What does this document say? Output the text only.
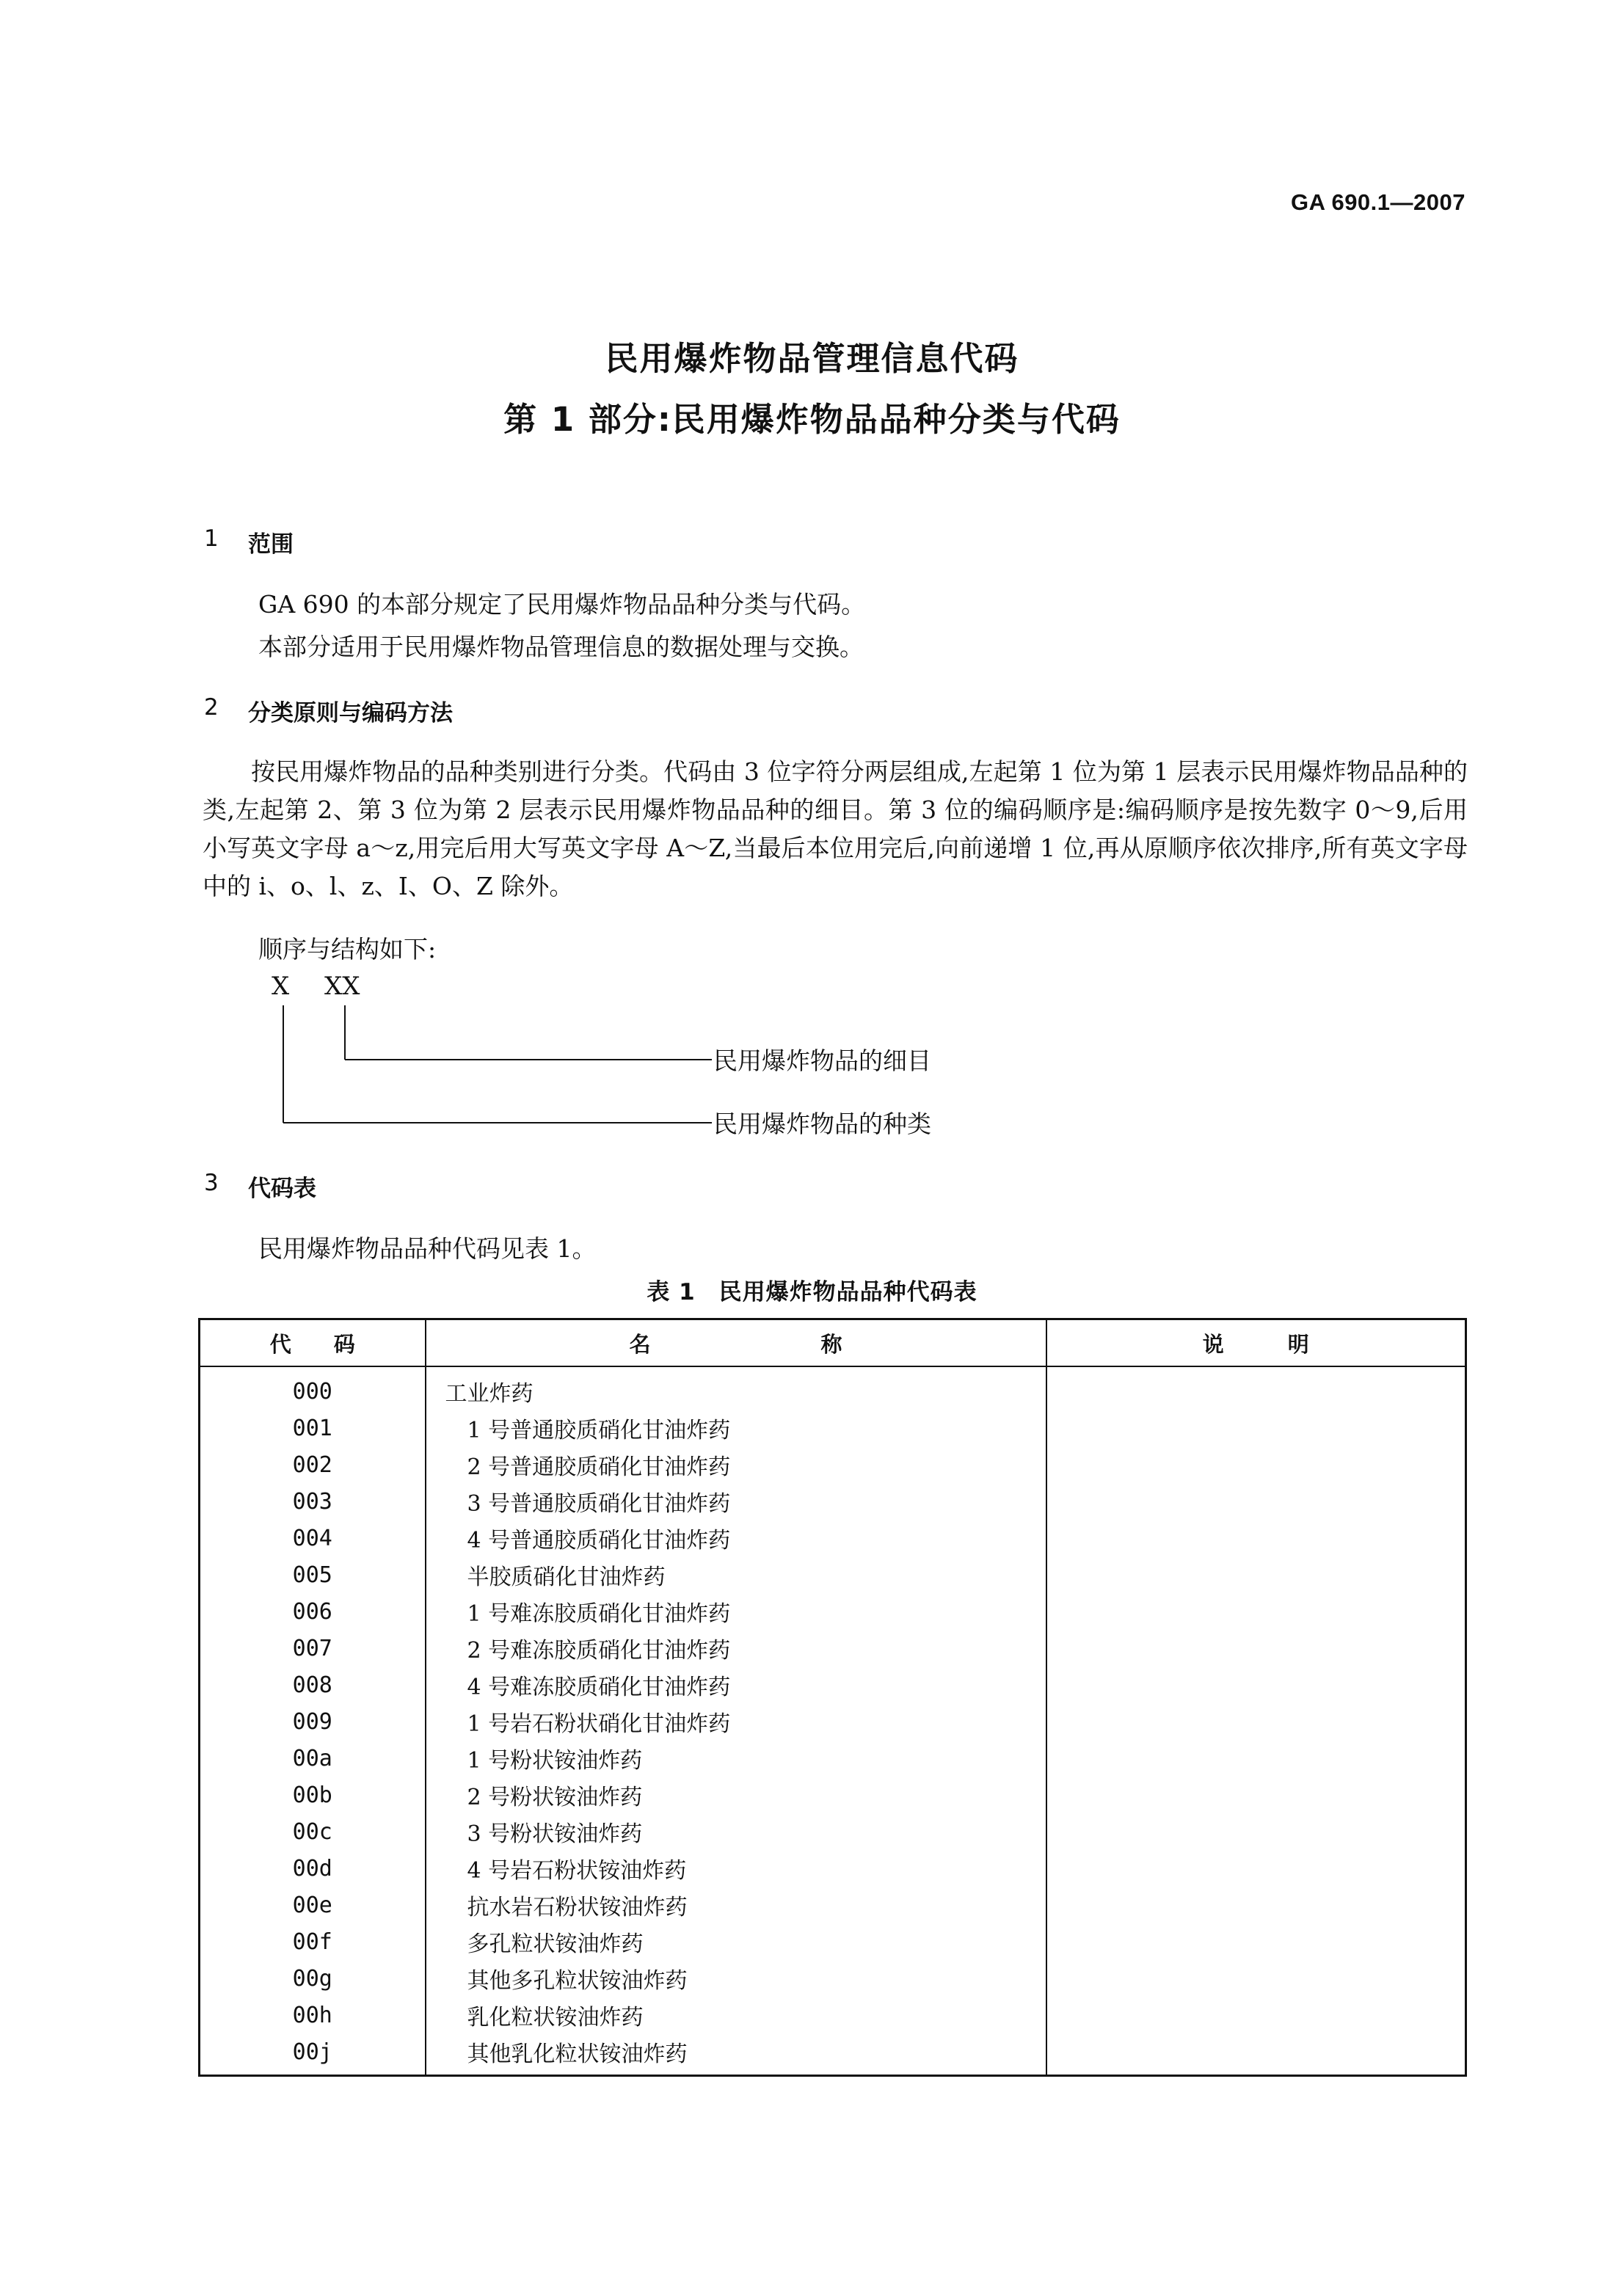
GA 690.1—2007
民用爆炸物品管理信息代码
第 1 部分:民用爆炸物品品种分类与代码
1 范围
GA 690 的本部分规定了民用爆炸物品品种分类与代码。
本部分适用于民用爆炸物品管理信息的数据处理与交换。
2 分类原则与编码方法

按民用爆炸物品的品种类别进行分类。代码由 3 位字符分两层组成,左起第 1 位为第 1 层表示民用爆炸物品品种的类,左起第 2、第 3 位为第 2 层表示民用爆炸物品品种的细目。第 3 位的编码顺序是:编码顺序是按先数字 0～9,后用小写英文字母 a～z,用完后用大写英文字母 A～Z,当最后本位用完后,向前递增 1 位,再从原顺序依次排序,所有英文字母中的 i、o、l、z、I、O、Z 除外。

顺序与结构如下:
X XX
民用爆炸物品的细目
民用爆炸物品的种类
3 代码表
民用爆炸物品品种代码见表 1。
表 1　民用爆炸物品品种代码表
代　　码	名　　　　　　　　称	说　　　明
000	工业炸药	
001	1 号普通胶质硝化甘油炸药	
002	2 号普通胶质硝化甘油炸药	
003	3 号普通胶质硝化甘油炸药	
004	4 号普通胶质硝化甘油炸药	
005	半胶质硝化甘油炸药	
006	1 号难冻胶质硝化甘油炸药	
007	2 号难冻胶质硝化甘油炸药	
008	4 号难冻胶质硝化甘油炸药	
009	1 号岩石粉状硝化甘油炸药	
00a	1 号粉状铵油炸药	
00b	2 号粉状铵油炸药	
00c	3 号粉状铵油炸药	
00d	4 号岩石粉状铵油炸药	
00e	抗水岩石粉状铵油炸药	
00f	多孔粒状铵油炸药	
00g	其他多孔粒状铵油炸药	
00h	乳化粒状铵油炸药	
00j	其他乳化粒状铵油炸药	
